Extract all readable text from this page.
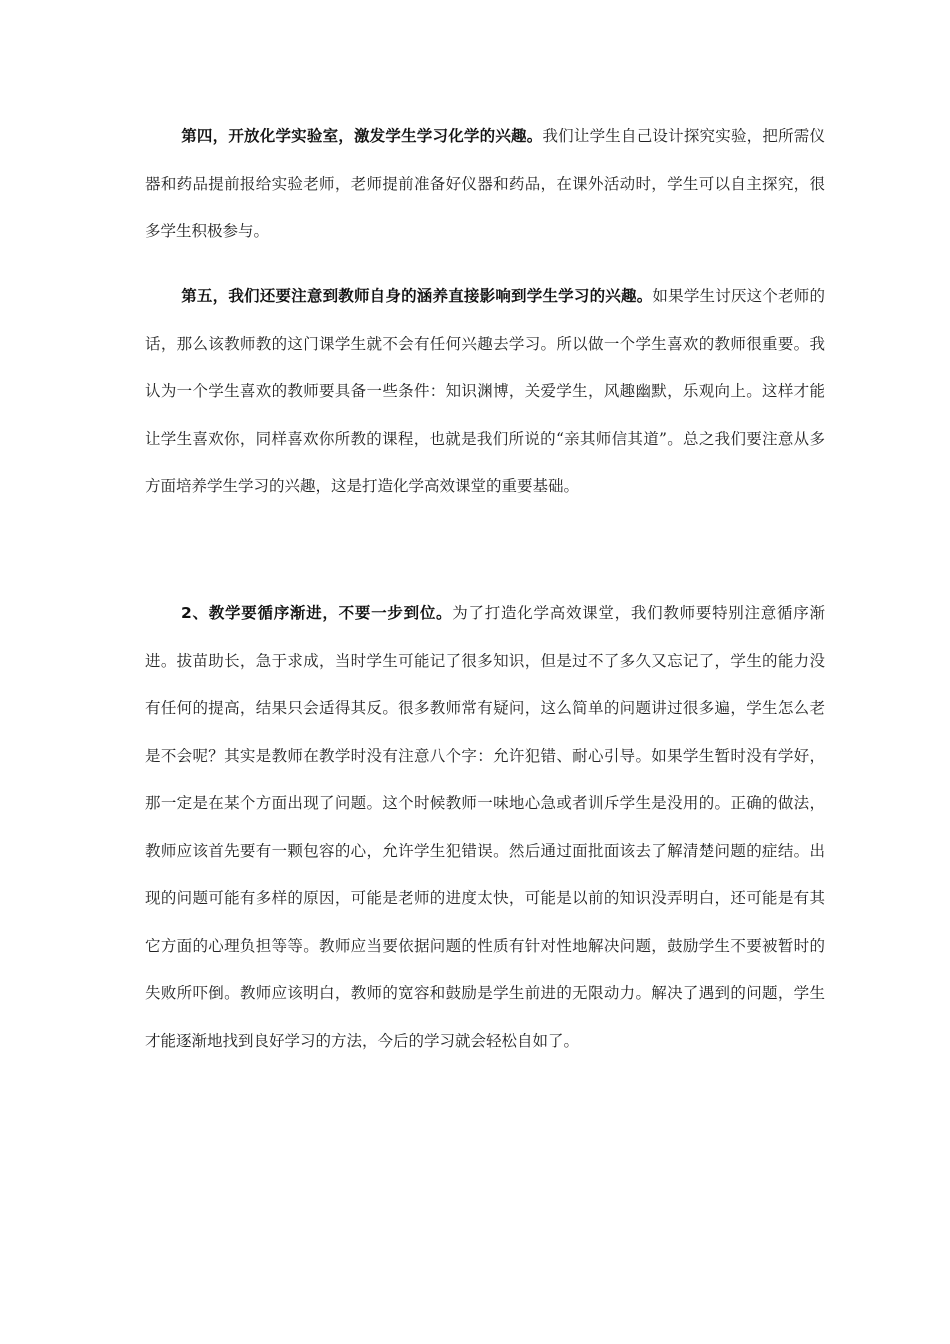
第四，开放化学实验室，激发学生学习化学的兴趣。我们让学生自己设计探究实验，把所需仪器和药品提前报给实验老师，老师提前准备好仪器和药品，在课外活动时，学生可以自主探究，很多学生积极参与。

第五，我们还要注意到教师自身的涵养直接影响到学生学习的兴趣。如果学生讨厌这个老师的话，那么该教师教的这门课学生就不会有任何兴趣去学习。所以做一个学生喜欢的教师很重要。我认为一个学生喜欢的教师要具备一些条件：知识渊博，关爱学生，风趣幽默，乐观向上。这样才能让学生喜欢你，同样喜欢你所教的课程，也就是我们所说的“亲其师信其道”。总之我们要注意从多方面培养学生学习的兴趣，这是打造化学高效课堂的重要基础。

2、教学要循序渐进，不要一步到位。为了打造化学高效课堂，我们教师要特别注意循序渐进。拔苗助长，急于求成，当时学生可能记了很多知识，但是过不了多久又忘记了，学生的能力没有任何的提高，结果只会适得其反。很多教师常有疑问，这么简单的问题讲过很多遍，学生怎么老是不会呢？其实是教师在教学时没有注意八个字：允许犯错、耐心引导。如果学生暂时没有学好，那一定是在某个方面出现了问题。这个时候教师一味地心急或者训斥学生是没用的。正确的做法，教师应该首先要有一颗包容的心，允许学生犯错误。然后通过面批面该去了解清楚问题的症结。出现的问题可能有多样的原因，可能是老师的进度太快，可能是以前的知识没弄明白，还可能是有其它方面的心理负担等等。教师应当要依据问题的性质有针对性地解决问题，鼓励学生不要被暂时的失败所吓倒。教师应该明白，教师的宽容和鼓励是学生前进的无限动力。解决了遇到的问题，学生才能逐渐地找到良好学习的方法，今后的学习就会轻松自如了。
